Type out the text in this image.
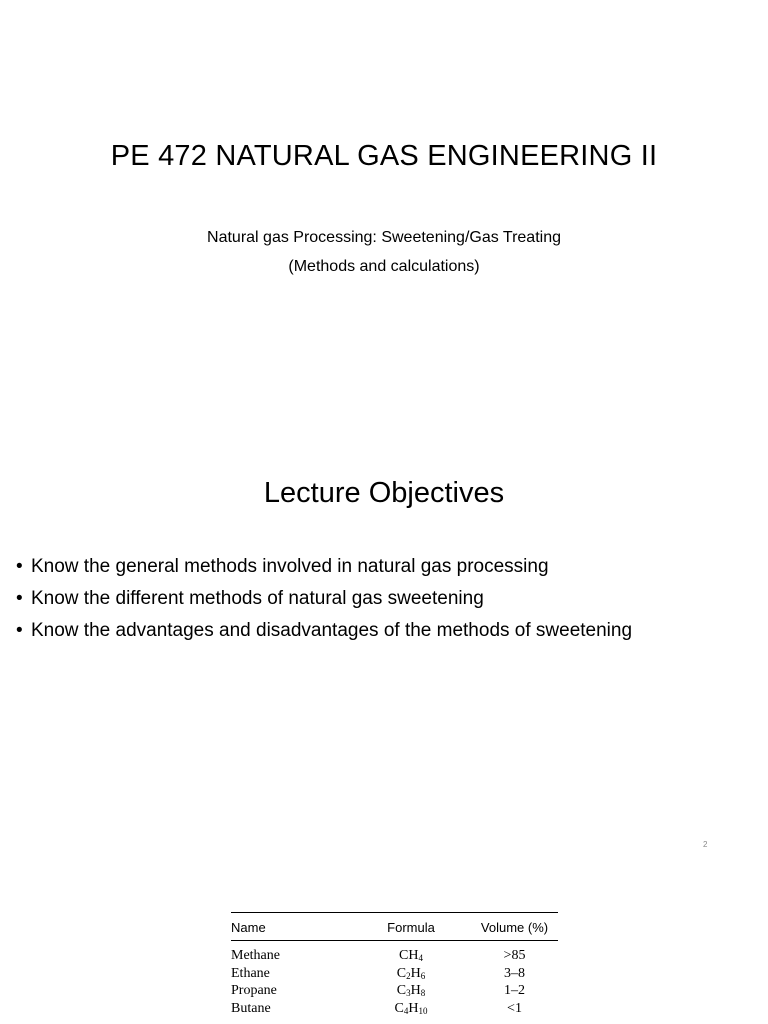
PE 472 NATURAL GAS ENGINEERING II
Natural gas Processing: Sweetening/Gas Treating
(Methods and calculations)
Lecture Objectives
• Know the general methods involved in natural gas processing
• Know the different methods of natural gas sweetening
• Know the advantages and disadvantages of the methods of sweetening
2
Name	Formula	Volume (%)
Methane	$CH_4$	>85
Ethane	$C_2H_6$	3–8
Propane	$C_3H_8$	1–2
Butane	$C_4H_{10}$	<1
